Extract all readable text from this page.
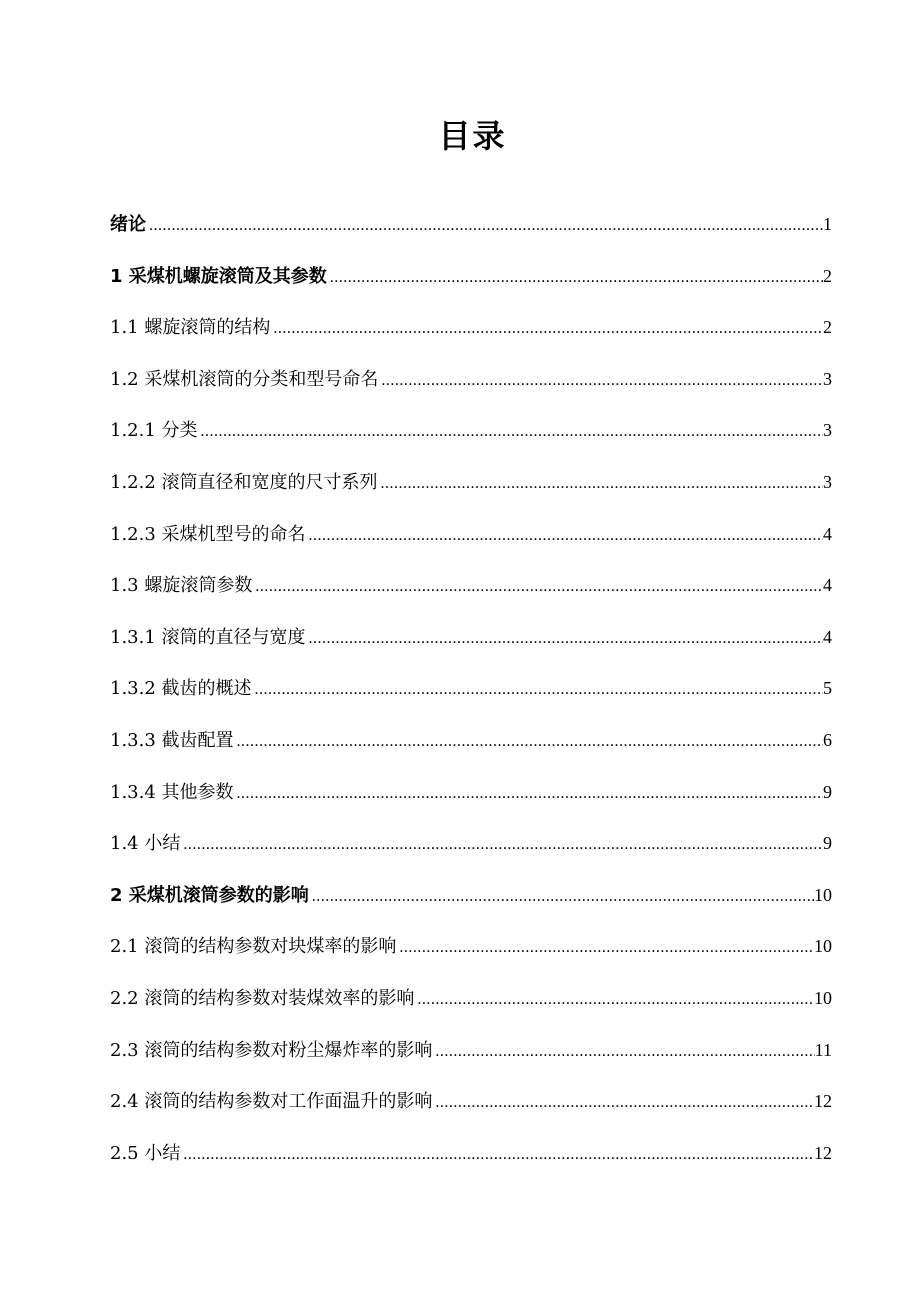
目录
绪论 .....	1
1 采煤机螺旋滚筒及其参数 .....	2
1.1 螺旋滚筒的结构 .....	2
1.2 采煤机滚筒的分类和型号命名 .....	3
1.2.1 分类 .....	3
1.2.2 滚筒直径和宽度的尺寸系列 .....	3
1.2.3 采煤机型号的命名 .....	4
1.3 螺旋滚筒参数 .....	4
1.3.1 滚筒的直径与宽度 .....	4
1.3.2 截齿的概述 .....	5
1.3.3 截齿配置 .....	6
1.3.4 其他参数 .....	9
1.4 小结 .....	9
2 采煤机滚筒参数的影响 .....	10
2.1 滚筒的结构参数对块煤率的影响 .....	10
2.2 滚筒的结构参数对装煤效率的影响 .....	10
2.3 滚筒的结构参数对粉尘爆炸率的影响 .....	11
2.4 滚筒的结构参数对工作面温升的影响 .....	12
2.5 小结 .....	12
